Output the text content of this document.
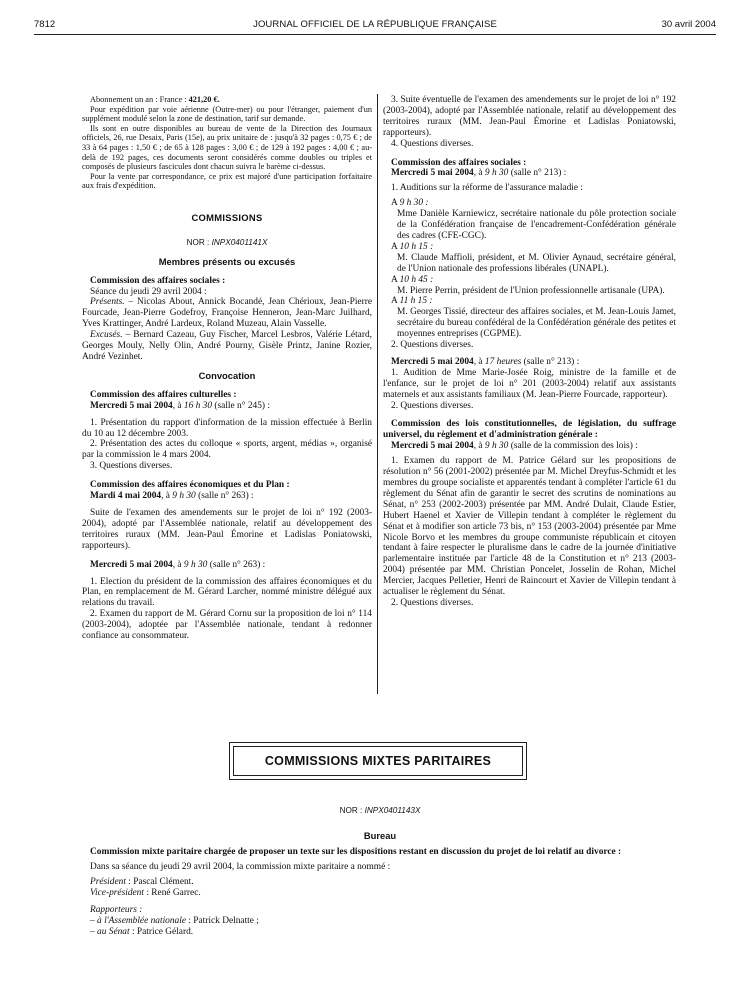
7812	JOURNAL OFFICIEL DE LA RÉPUBLIQUE FRANÇAISE	30 avril 2004

Abonnement un an : France : 421,20 €.

Pour expédition par voie aérienne (Outre-mer) ou pour l'étranger, paiement d'un supplément modulé selon la zone de destination, tarif sur demande.

Ils sont en outre disponibles au bureau de vente de la Direction des Journaux officiels, 26, rue Desaix, Paris (15e), au prix unitaire de : jusqu'à 32 pages : 0,75 € ; de 33 à 64 pages : 1,50 € ; de 65 à 128 pages : 3,00 € ; de 129 à 192 pages : 4,00 € ; au-delà de 192 pages, ces documents seront considérés comme doubles ou triples et composés de plusieurs fascicules dont chacun suivra le barème ci-dessus.

Pour la vente par correspondance, ce prix est majoré d'une participation forfaitaire aux frais d'expédition.

COMMISSIONS
NOR : INPX0401141X
Membres présents ou excusés

Commission des affaires sociales :

Séance du jeudi 29 avril 2004 :

Présents. – Nicolas About, Annick Bocandé, Jean Chérioux, Jean-Pierre Fourcade, Jean-Pierre Godefroy, Françoise Henneron, Jean-Marc Juilhard, Yves Krattinger, André Lardeux, Roland Muzeau, Alain Vasselle.

Excusés. – Bernard Cazeau, Guy Fischer, Marcel Lesbros, Valérie Létard, Georges Mouly, Nelly Olin, André Pourny, Gisèle Printz, Janine Rozier, André Vezinhet.

Convocation

Commission des affaires culturelles :

Mercredi 5 mai 2004, à 16 h 30 (salle n° 245) :

1. Présentation du rapport d'information de la mission effectuée à Berlin du 10 au 12 décembre 2003.

2. Présentation des actes du colloque « sports, argent, médias », organisé par la commission le 4 mars 2004.

3. Questions diverses.

Commission des affaires économiques et du Plan :

Mardi 4 mai 2004, à 9 h 30 (salle n° 263) :

Suite de l'examen des amendements sur le projet de loi n° 192 (2003-2004), adopté par l'Assemblée nationale, relatif au développement des territoires ruraux (MM. Jean-Paul Émorine et Ladislas Poniatowski, rapporteurs).

Mercredi 5 mai 2004, à 9 h 30 (salle n° 263) :

1. Election du président de la commission des affaires économiques et du Plan, en remplacement de M. Gérard Larcher, nommé ministre délégué aux relations du travail.

2. Examen du rapport de M. Gérard Cornu sur la proposition de loi n° 114 (2003-2004), adoptée par l'Assemblée nationale, tendant à redonner confiance au consommateur.

3. Suite éventuelle de l'examen des amendements sur le projet de loi n° 192 (2003-2004), adopté par l'Assemblée nationale, relatif au développement des territoires ruraux (MM. Jean-Paul Émorine et Ladislas Poniatowski, rapporteurs).

4. Questions diverses.

Commission des affaires sociales :

Mercredi 5 mai 2004, à 9 h 30 (salle n° 213) :

1. Auditions sur la réforme de l'assurance maladie :

A 9 h 30 :

Mme Danièle Karniewicz, secrétaire nationale du pôle protection sociale de la Confédération française de l'encadrement-Confédération générale des cadres (CFE-CGC).

A 10 h 15 :

M. Claude Maffioli, président, et M. Olivier Aynaud, secrétaire général, de l'Union nationale des professions libérales (UNAPL).

A 10 h 45 :

M. Pierre Perrin, président de l'Union professionnelle artisanale (UPA).

A 11 h 15 :

M. Georges Tissié, directeur des affaires sociales, et M. Jean-Louis Jamet, secrétaire du bureau confédéral de la Confédération générale des petites et moyennes entreprises (CGPME).

2. Questions diverses.

Mercredi 5 mai 2004, à 17 heures (salle n° 213) :

1. Audition de Mme Marie-Josée Roig, ministre de la famille et de l'enfance, sur le projet de loi n° 201 (2003-2004) relatif aux assistants maternels et aux assistants familiaux (M. Jean-Pierre Fourcade, rapporteur).

2. Questions diverses.

Commission des lois constitutionnelles, de législation, du suffrage universel, du règlement et d'administration générale :

Mercredi 5 mai 2004, à 9 h 30 (salle de la commission des lois) :

1. Examen du rapport de M. Patrice Gélard sur les propositions de résolution n° 56 (2001-2002) présentée par M. Michel Dreyfus-Schmidt et les membres du groupe socialiste et apparentés tendant à compléter l'article 61 du règlement du Sénat afin de garantir le secret des scrutins de nominations au Sénat, n° 253 (2002-2003) présentée par MM. André Dulait, Claude Estier, Hubert Haenel et Xavier de Villepin tendant à compléter le règlement du Sénat et à modifier son article 73 bis, n° 153 (2003-2004) présentée par Mme Nicole Borvo et les membres du groupe communiste républicain et citoyen tendant à faire respecter le pluralisme dans le cadre de la journée d'initiative parlementaire instituée par l'article 48 de la Constitution et n° 213 (2003-2004) présentée par MM. Christian Poncelet, Josselin de Rohan, Michel Mercier, Jacques Pelletier, Henri de Raincourt et Xavier de Villepin tendant à actualiser le règlement du Sénat.

2. Questions diverses.

COMMISSIONS MIXTES PARITAIRES
NOR : INPX0401143X
Bureau

Commission mixte paritaire chargée de proposer un texte sur les dispositions restant en discussion du projet de loi relatif au divorce :

Dans sa séance du jeudi 29 avril 2004, la commission mixte paritaire a nommé :

Président : Pascal Clément.

Vice-président : René Garrec.

Rapporteurs :

– à l'Assemblée nationale : Patrick Delnatte ;

– au Sénat : Patrice Gélard.
